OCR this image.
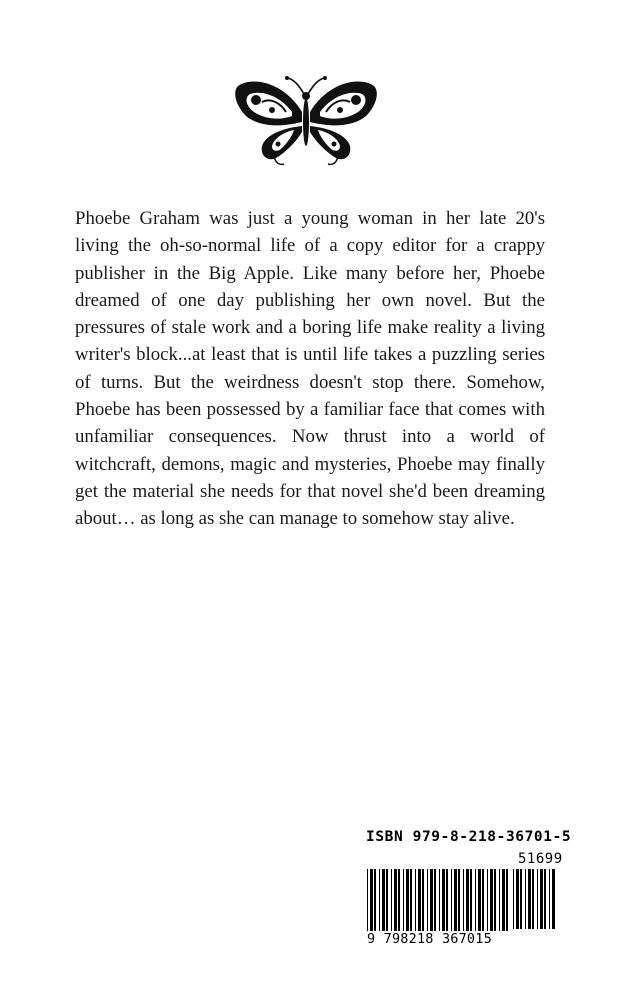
Phoebe Graham was just a young woman in her late 20's living the oh-so-normal life of a copy editor for a crappy publisher in the Big Apple. Like many before her, Phoebe dreamed of one day publishing her own novel. But the pressures of stale work and a boring life make reality a living writer's block...at least that is until life takes a puzzling series of turns. But the weirdness doesn't stop there. Somehow, Phoebe has been possessed by a familiar face that comes with unfamiliar consequences. Now thrust into a world of witchcraft, demons, magic and mysteries, Phoebe may finally get the material she needs for that novel she'd been dreaming about… as long as she can manage to somehow stay alive.
ISBN 979-8-218-36701-5
51699
9 798218 367015
